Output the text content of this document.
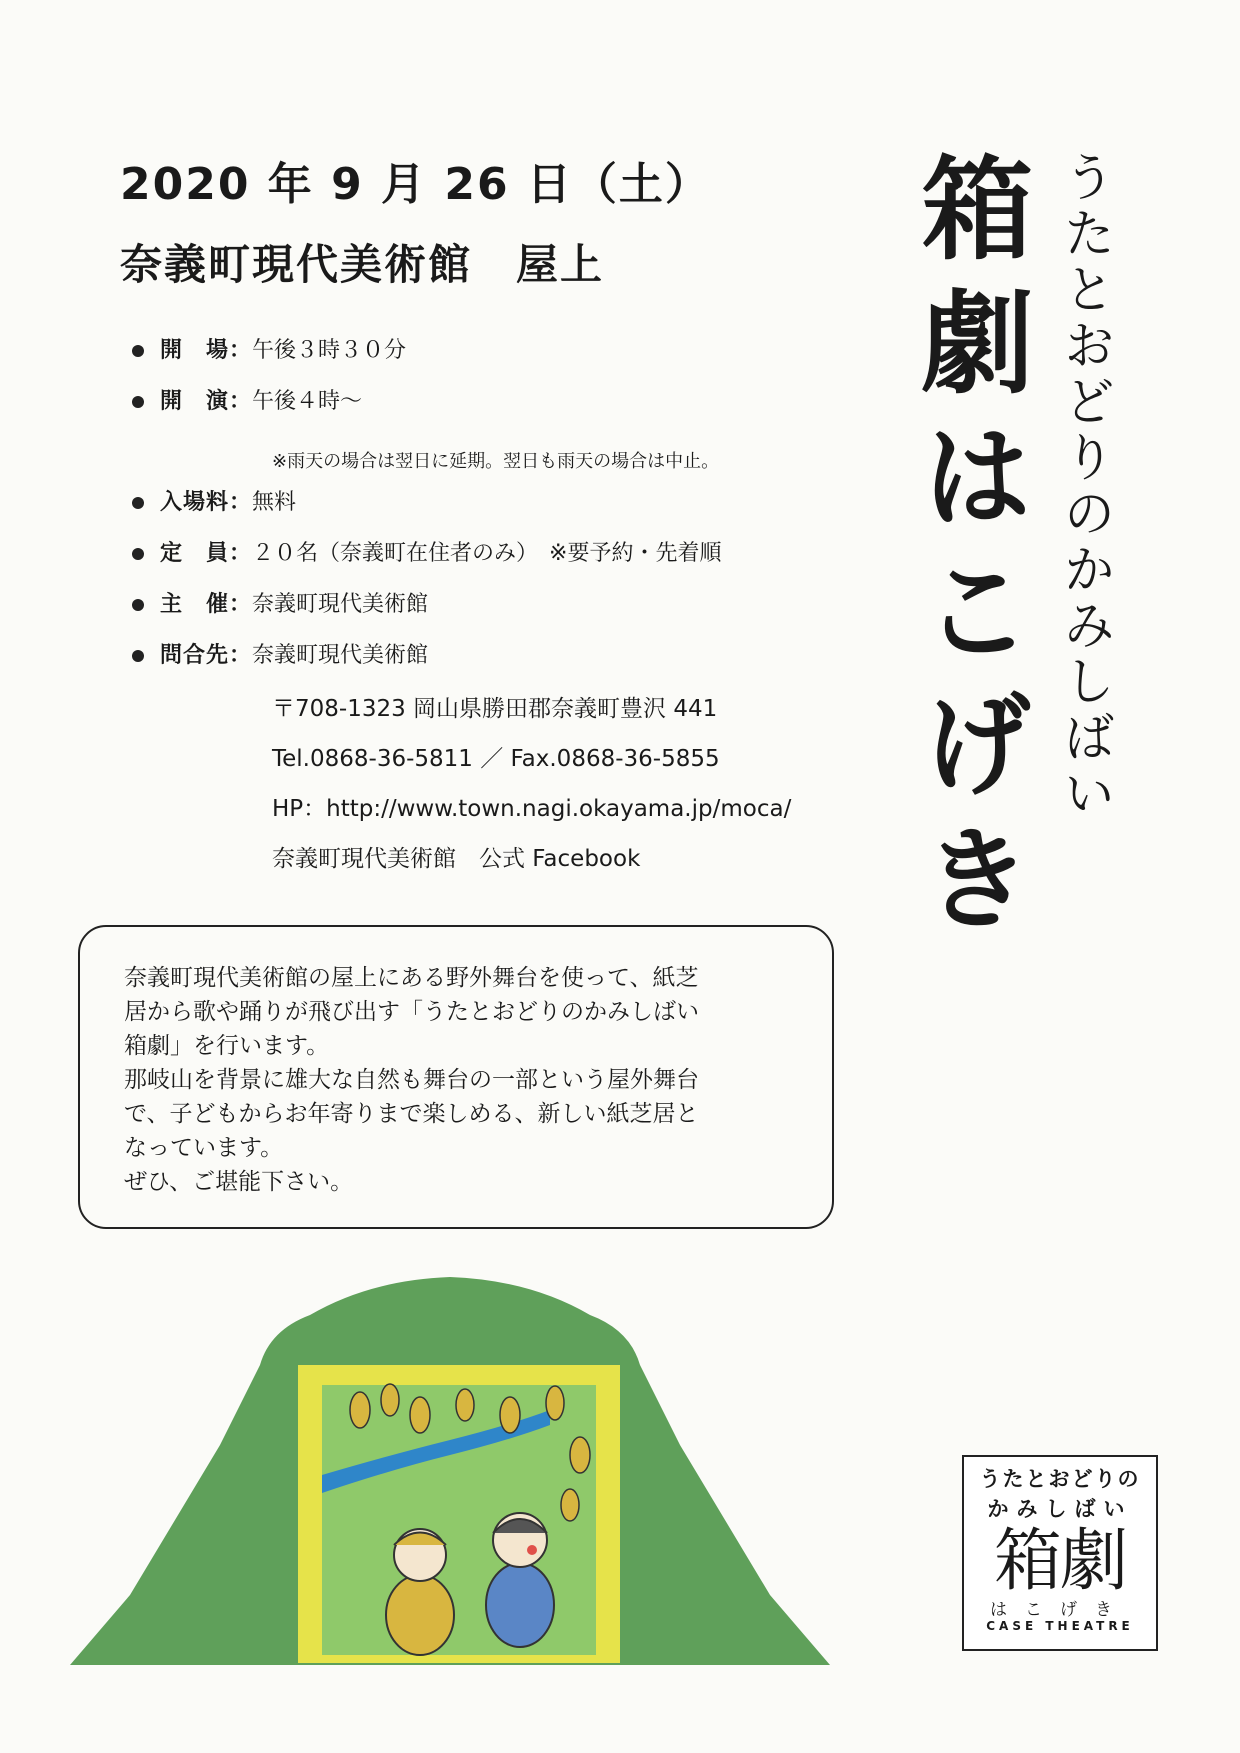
2020 年 9 月 26 日（土）
奈義町現代美術館　屋上
開　場：午後３時３０分
開　演：午後４時～
※雨天の場合は翌日に延期。翌日も雨天の場合は中止。
入場料：無料
定　員：２０名（奈義町在住者のみ）　※要予約・先着順
主　催：奈義町現代美術館
問合先：奈義町現代美術館
〒708-1323 岡山県勝田郡奈義町豊沢 441
Tel.0868-36-5811 ／ Fax.0868-36-5855
HP：http://www.town.nagi.okayama.jp/moca/
奈義町現代美術館　公式 Facebook

奈義町現代美術館の屋上にある野外舞台を使って、紙芝

居から歌や踊りが飛び出す「うたとおどりのかみしばい

箱劇」を行います。

那岐山を背景に雄大な自然も舞台の一部という屋外舞台

で、子どもからお年寄りまで楽しめる、新しい紙芝居と

なっています。

ぜひ、ご堪能下さい。

箱劇はこげき うたとおどりのかみしばい
うたとおどりの
かみしばい
箱劇
はこげき
CASE THEATRE
